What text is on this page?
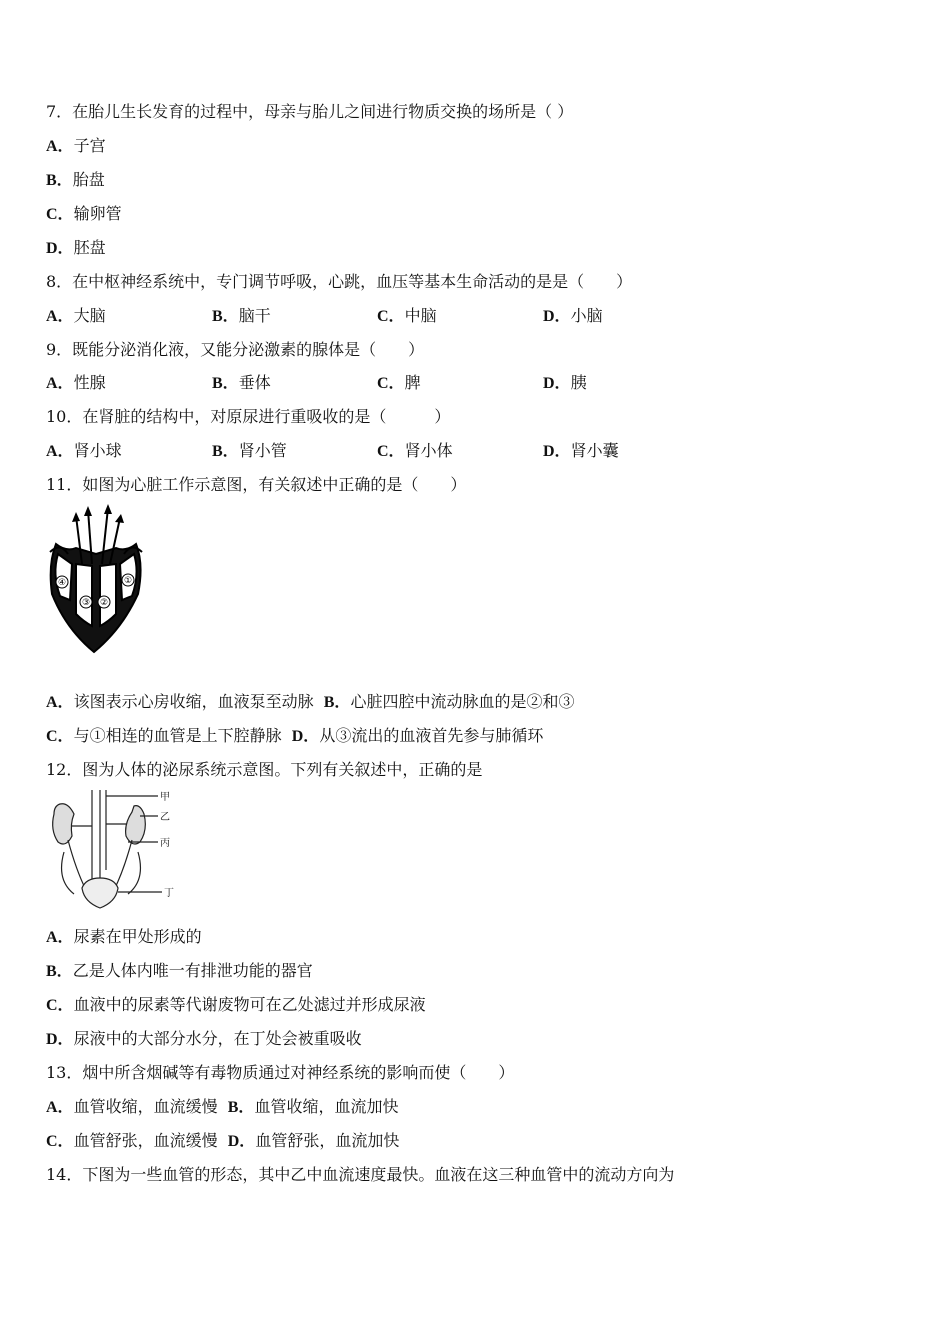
7．在胎儿生长发育的过程中，母亲与胎儿之间进行物质交换的场所是（ ）
A．子宫
B．胎盘
C．输卵管
D．胚盘
8．在中枢神经系统中，专门调节呼吸，心跳，血压等基本生命活动的是是（　　）
A．大脑	B．脑干	C．中脑	D．小脑
9．既能分泌消化液，又能分泌激素的腺体是（　　）
A．性腺	B．垂体	C．脾	D．胰
10．在肾脏的结构中，对原尿进行重吸收的是（　　　）
A．肾小球	B．肾小管	C．肾小体	D．肾小囊
11．如图为心脏工作示意图，有关叙述中正确的是（　　）
④
③ ②
①
A．该图表示心房收缩，血液泵至动脉 B．心脏四腔中流动脉血的是②和③
C．与①相连的血管是上下腔静脉 D．从③流出的血液首先参与肺循环
12．图为人体的泌尿系统示意图。下列有关叙述中，正确的是
甲
乙
丙
丁
A．尿素在甲处形成的
B．乙是人体内唯一有排泄功能的器官
C．血液中的尿素等代谢废物可在乙处滤过并形成尿液
D．尿液中的大部分水分，在丁处会被重吸收
13．烟中所含烟碱等有毒物质通过对神经系统的影响而使（　　）
A．血管收缩，血流缓慢 B．血管收缩，血流加快
C．血管舒张，血流缓慢 D．血管舒张，血流加快
14．下图为一些血管的形态，其中乙中血流速度最快。血液在这三种血管中的流动方向为
